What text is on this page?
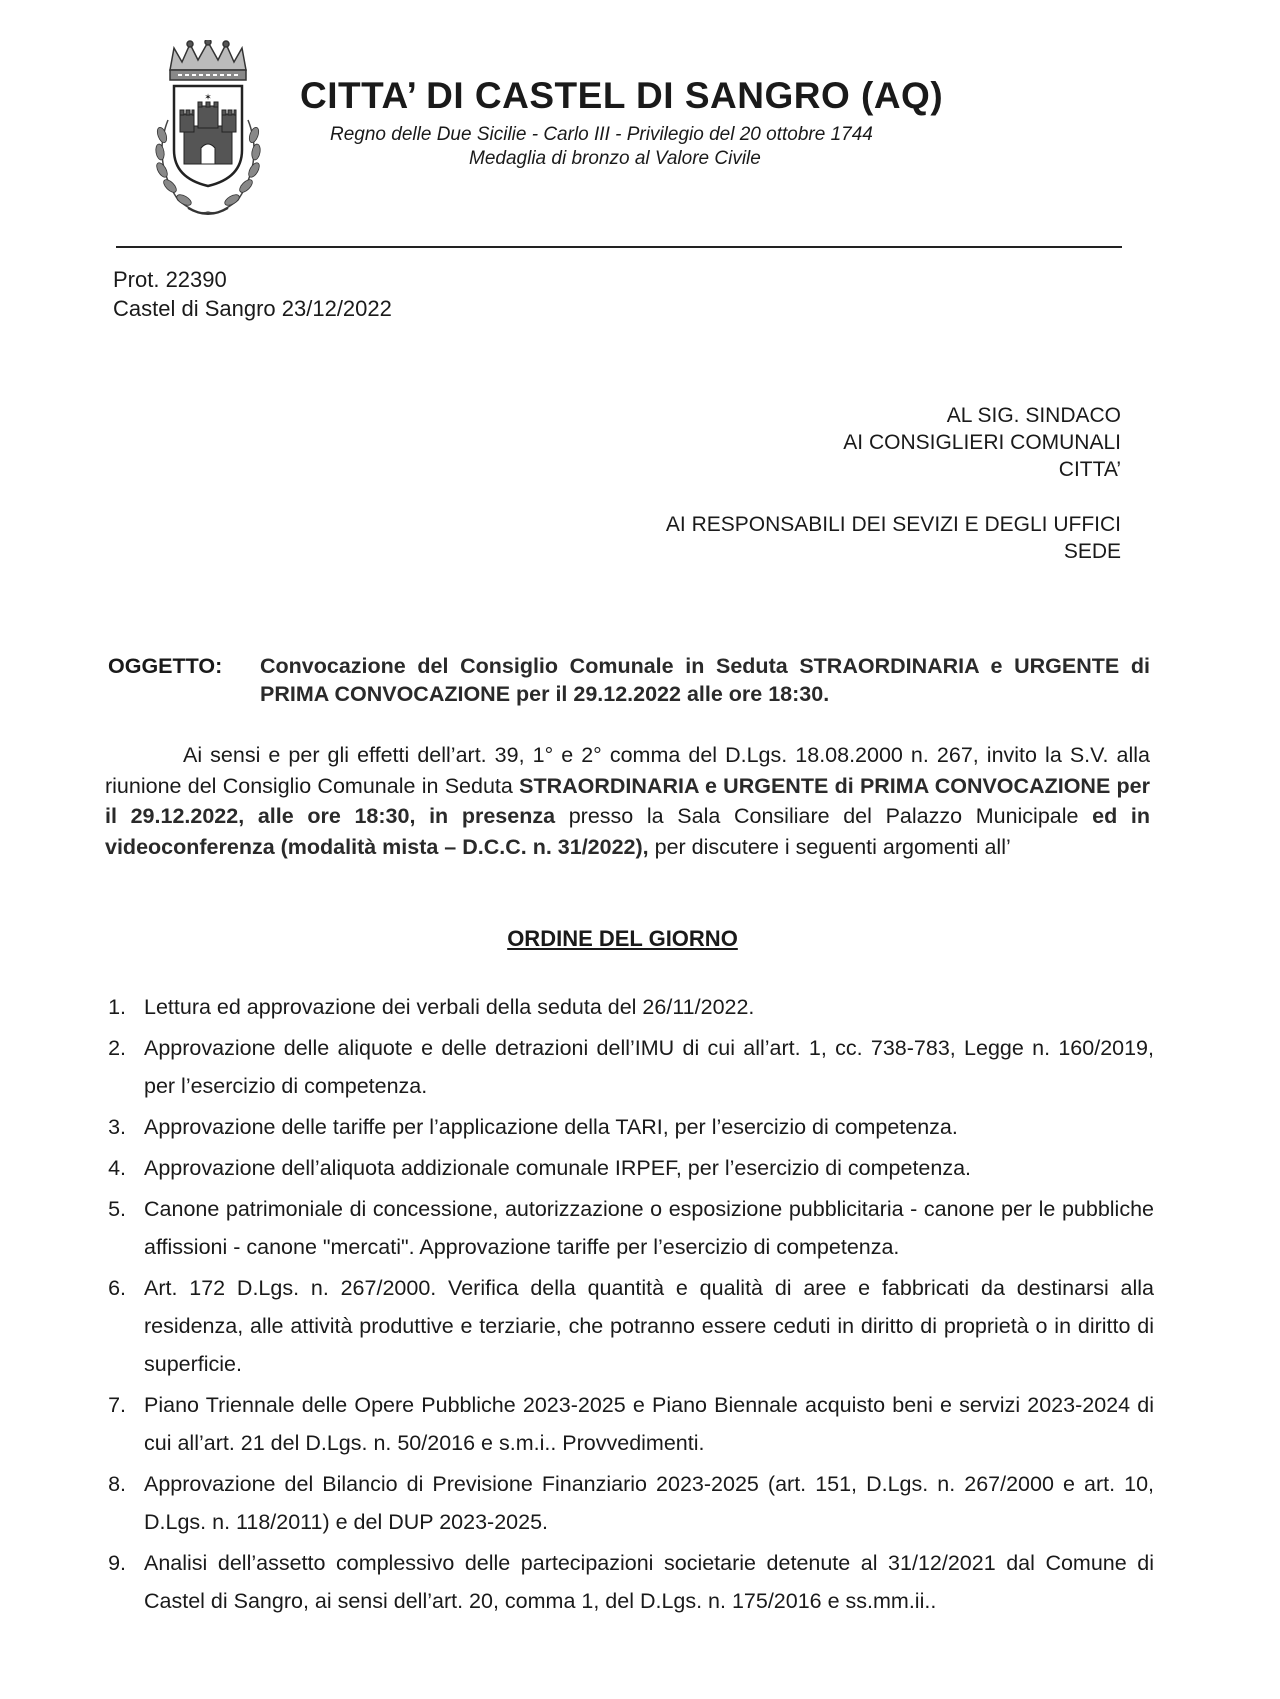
✶ CITTA’ DI CASTEL DI SANGRO (AQ)
Regno delle Due Sicilie - Carlo III - Privilegio del 20 ottobre 1744
Medaglia di bronzo al Valore Civile
Prot. 22390
Castel di Sangro 23/12/2022
AL SIG. SINDACO
AI CONSIGLIERI COMUNALI
CITTA’
AI RESPONSABILI DEI SEVIZI E DEGLI UFFICI
SEDE
OGGETTO: Convocazione del Consiglio Comunale in Seduta STRAORDINARIA e URGENTE di PRIMA CONVOCAZIONE per il 29.12.2022 alle ore 18:30.
Ai sensi e per gli effetti dell’art. 39, 1° e 2° comma del D.Lgs. 18.08.2000 n. 267, invito la S.V. alla riunione del Consiglio Comunale in Seduta STRAORDINARIA e URGENTE di PRIMA CONVOCAZIONE per il 29.12.2022, alle ore 18:30, in presenza presso la Sala Consiliare del Palazzo Municipale ed in videoconferenza (modalità mista – D.C.C. n. 31/2022), per discutere i seguenti argomenti all’
ORDINE DEL GIORNO
1. Lettura ed approvazione dei verbali della seduta del 26/11/2022.
2. Approvazione delle aliquote e delle detrazioni dell’IMU di cui all’art. 1, cc. 738-783, Legge n. 160/2019, per l’esercizio di competenza.
3. Approvazione delle tariffe per l’applicazione della TARI, per l’esercizio di competenza.
4. Approvazione dell’aliquota addizionale comunale IRPEF, per l’esercizio di competenza.
5. Canone patrimoniale di concessione, autorizzazione o esposizione pubblicitaria - canone per le pubbliche affissioni - canone "mercati". Approvazione tariffe per l’esercizio di competenza.
6. Art. 172 D.Lgs. n. 267/2000. Verifica della quantità e qualità di aree e fabbricati da destinarsi alla residenza, alle attività produttive e terziarie, che potranno essere ceduti in diritto di proprietà o in diritto di superficie.
7. Piano Triennale delle Opere Pubbliche 2023-2025 e Piano Biennale acquisto beni e servizi 2023-2024 di cui all’art. 21 del D.Lgs. n. 50/2016 e s.m.i.. Provvedimenti.
8. Approvazione del Bilancio di Previsione Finanziario 2023-2025 (art. 151, D.Lgs. n. 267/2000 e art. 10, D.Lgs. n. 118/2011) e del DUP 2023-2025.
9. Analisi dell’assetto complessivo delle partecipazioni societarie detenute al 31/12/2021 dal Comune di Castel di Sangro, ai sensi dell’art. 20, comma 1, del D.Lgs. n. 175/2016 e ss.mm.ii..
